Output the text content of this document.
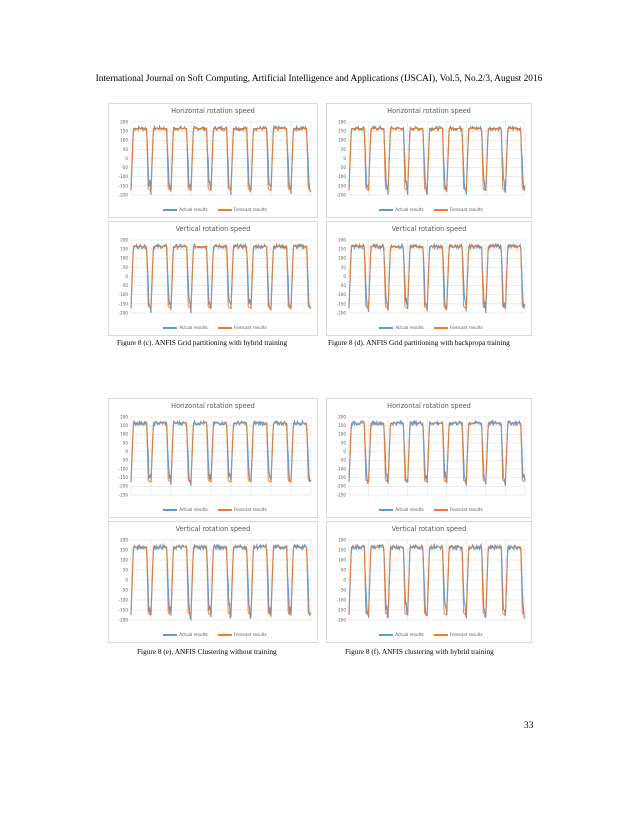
International Journal on Soft Computing, Artificial Intelligence and Applications (IJSCAI), Vol.5, No.2/3, August 2016
Horizontal rotation speed
200
150
100
50
0
-50
-100
-150
-200
Actual results	Forecast results
Horizontal rotation speed
200
150
100
50
0
-50
-100
-150
-200
Actual results	Forecast results
Vertical rotation speed
200
150
100
50
0
-50
-100
-150
-200
Actual results	Forecast results
Vertical rotation speed
200
150
100
50
0
-50
-100
-150
-200
Actual results	Forecast results
Figure 8 (c). ANFIS Grid partitioning with hybrid training	Figure 8 (d). ANFIS Grid partitioning with backpropa training
Horizontal rotation speed
200
150
100
50
0
-50
-100
-150
-200
-250
Actual results	Forecast results
Horizontal rotation speed
200
150
100
50
0
-50
-100
-150
-200
-250
Actual results	Forecast results
Vertical rotation speed
200
150
100
50
0
-50
-100
-150
-200
Actual results	Forecast results
Vertical rotation speed
200
150
100
50
0
-50
-100
-150
-200
Actual results	Forecast results
Figure 8 (e). ANFIS Clustering without training	Figure 8 (f). ANFIS clustering with hybrid training
33
